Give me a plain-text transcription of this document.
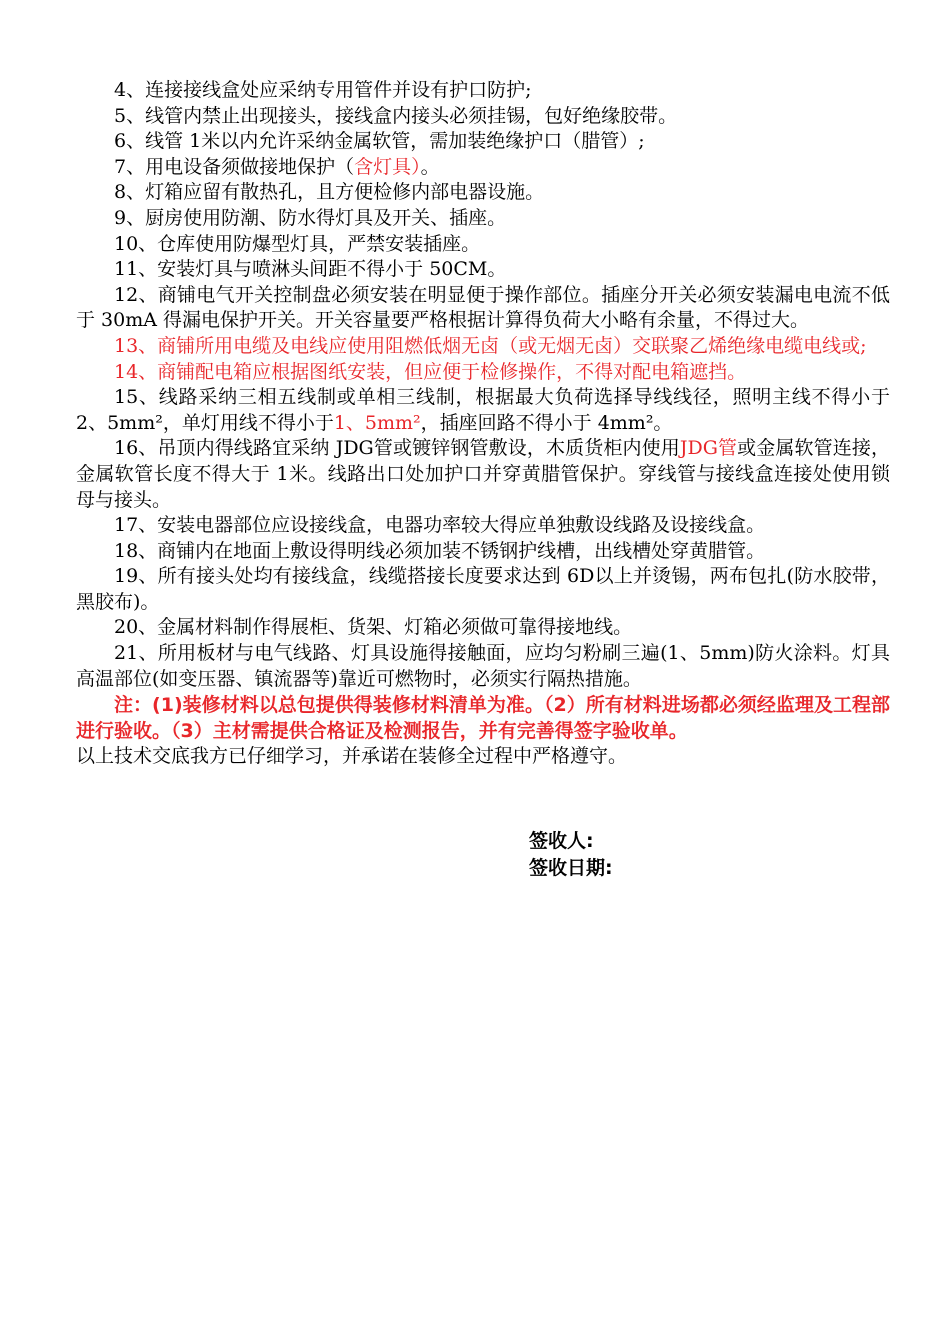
4、连接接线盒处应采纳专用管件并设有护口防护;

5、线管内禁止出现接头，接线盒内接头必须挂锡，包好绝缘胶带。

6、线管 1米以内允许采纳金属软管，需加装绝缘护口（腊管）;

7、用电设备须做接地保护（含灯具）。

8、灯箱应留有散热孔，且方便检修内部电器设施。

9、厨房使用防潮、防水得灯具及开关、插座。

10、仓库使用防爆型灯具，严禁安装插座。

11、安装灯具与喷淋头间距不得小于 50CM。

12、商铺电气开关控制盘必须安装在明显便于操作部位。插座分开关必须安装漏电电流不低于 30mA 得漏电保护开关。开关容量要严格根据计算得负荷大小略有余量，不得过大。

13、商铺所用电缆及电线应使用阻燃低烟无卤（或无烟无卤）交联聚乙烯绝缘电缆电线或;

14、商铺配电箱应根据图纸安装，但应便于检修操作，不得对配电箱遮挡。

15、线路采纳三相五线制或单相三线制，根据最大负荷选择导线线径，照明主线不得小于 2、5mm²，单灯用线不得小于1、5mm²，插座回路不得小于 4mm²。

16、吊顶内得线路宜采纳 JDG管或镀锌钢管敷设，木质货柜内使用JDG管或金属软管连接，金属软管长度不得大于 1米。线路出口处加护口并穿黄腊管保护。穿线管与接线盒连接处使用锁母与接头。

17、安装电器部位应设接线盒，电器功率较大得应单独敷设线路及设接线盒。

18、商铺内在地面上敷设得明线必须加装不锈钢护线槽，出线槽处穿黄腊管。

19、所有接头处均有接线盒，线缆搭接长度要求达到 6D以上并烫锡，两布包扎(防水胶带，黑胶布)。

20、金属材料制作得展柜、货架、灯箱必须做可靠得接地线。

21、所用板材与电气线路、灯具设施得接触面，应均匀粉刷三遍(1、5mm)防火涂料。灯具高温部位(如变压器、镇流器等)靠近可燃物时，必须实行隔热措施。

注：(1)装修材料以总包提供得装修材料清单为准。（2）所有材料进场都必须经监理及工程部进行验收。（3）主材需提供合格证及检测报告，并有完善得签字验收单。

以上技术交底我方已仔细学习，并承诺在装修全过程中严格遵守。

签收人:
签收日期:
